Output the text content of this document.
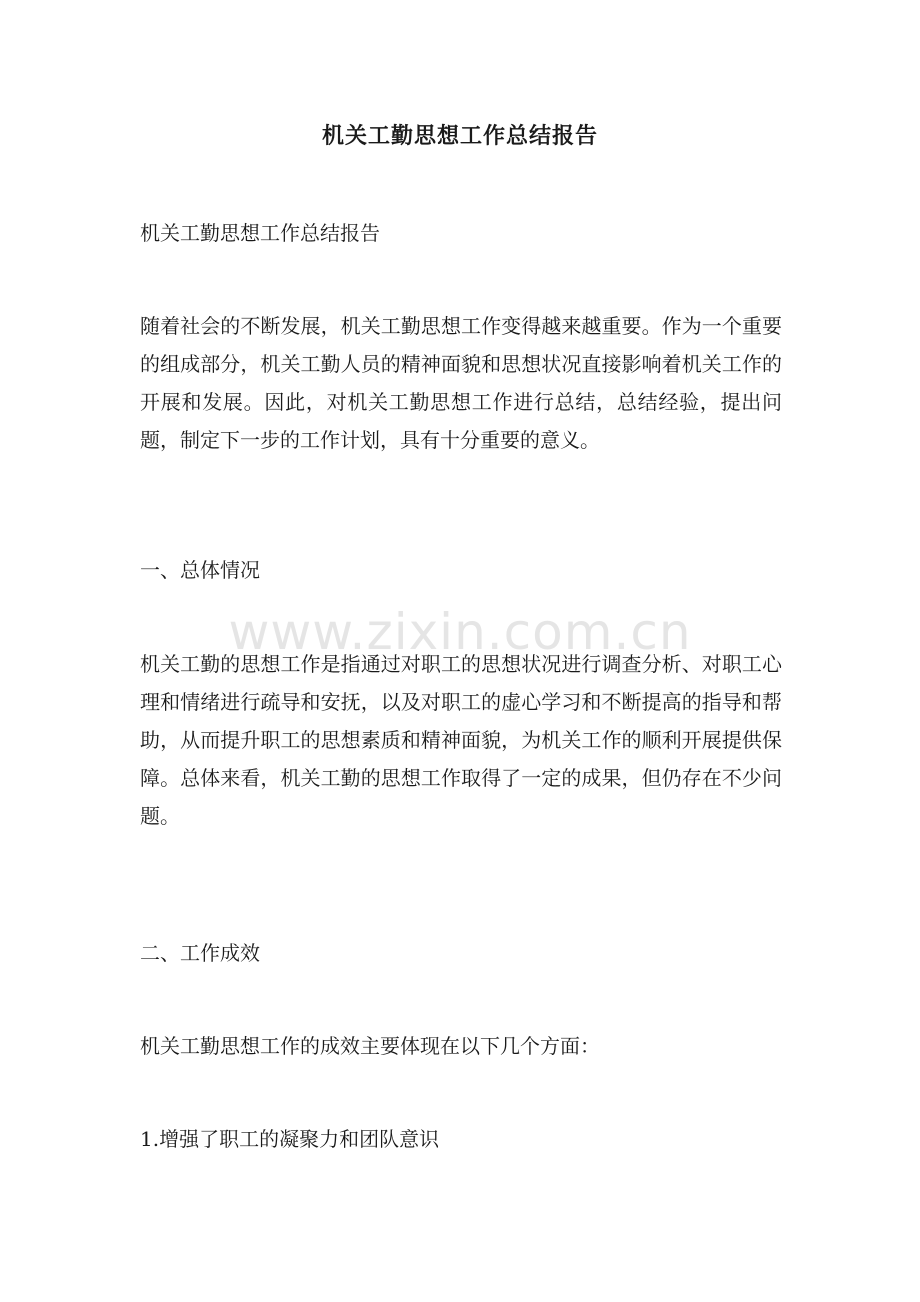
机关工勤思想工作总结报告

机关工勤思想工作总结报告

随着社会的不断发展，机关工勤思想工作变得越来越重要。作为一个重要的组成部分，机关工勤人员的精神面貌和思想状况直接影响着机关工作的开展和发展。因此，对机关工勤思想工作进行总结，总结经验，提出问题，制定下一步的工作计划，具有十分重要的意义。

一、总体情况

www.zixin.com.cn

机关工勤的思想工作是指通过对职工的思想状况进行调查分析、对职工心理和情绪进行疏导和安抚，以及对职工的虚心学习和不断提高的指导和帮助，从而提升职工的思想素质和精神面貌，为机关工作的顺利开展提供保障。总体来看，机关工勤的思想工作取得了一定的成果，但仍存在不少问题。

二、工作成效

机关工勤思想工作的成效主要体现在以下几个方面：

1.增强了职工的凝聚力和团队意识
